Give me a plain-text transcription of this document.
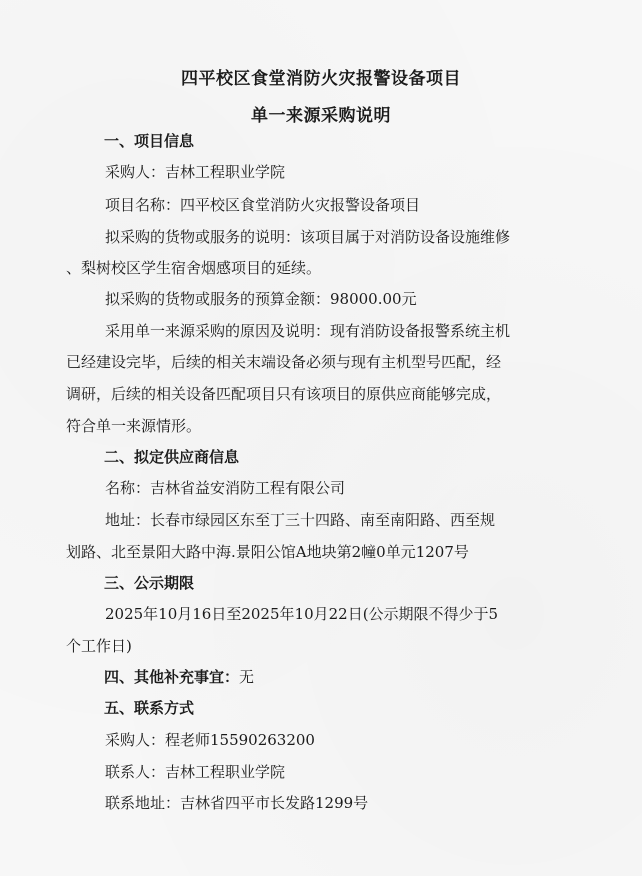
四平校区食堂消防火灾报警设备项目
单一来源采购说明
一、项目信息
采购人：吉林工程职业学院
项目名称：四平校区食堂消防火灾报警设备项目
拟采购的货物或服务的说明：该项目属于对消防设备设施维修
、梨树校区学生宿舍烟感项目的延续。
拟采购的货物或服务的预算金额：98000.00元
采用单一来源采购的原因及说明：现有消防设备报警系统主机
已经建设完毕，后续的相关末端设备必须与现有主机型号匹配，经
调研，后续的相关设备匹配项目只有该项目的原供应商能够完成，
符合单一来源情形。
二、拟定供应商信息
名称：吉林省益安消防工程有限公司
地址：长春市绿园区东至丁三十四路、南至南阳路、西至规
划路、北至景阳大路中海.景阳公馆A地块第2幢0单元1207号
三、公示期限
2025年10月16日至2025年10月22日(公示期限不得少于5
个工作日)
四、其他补充事宜：无
五、联系方式
采购人：程老师15590263200
联系人：吉林工程职业学院
联系地址：吉林省四平市长发路1299号
